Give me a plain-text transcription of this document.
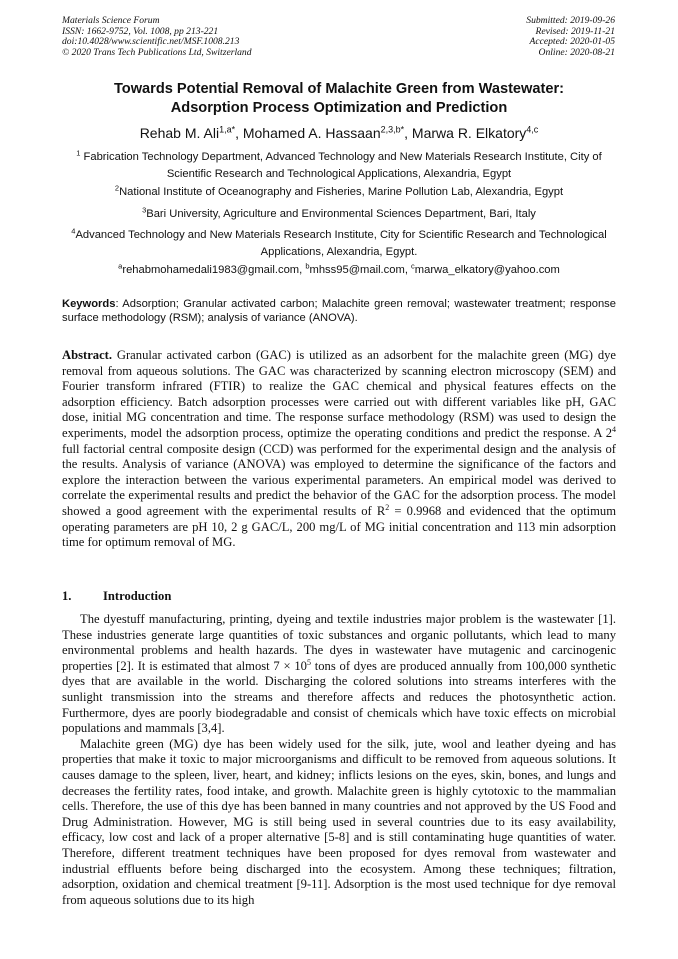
Materials Science Forum
ISSN: 1662-9752, Vol. 1008, pp 213-221
doi:10.4028/www.scientific.net/MSF.1008.213
© 2020 Trans Tech Publications Ltd, Switzerland
Submitted: 2019-09-26
Revised: 2019-11-21
Accepted: 2020-01-05
Online: 2020-08-21
Towards Potential Removal of Malachite Green from Wastewater:
Adsorption Process Optimization and Prediction
Rehab M. Ali$^{1,a*}$, Mohamed A. Hassaan$^{2,3,b*}$, Marwa R. Elkatory$^{4,c}$
$^1$ Fabrication Technology Department, Advanced Technology and New Materials Research Institute, City of Scientific Research and Technological Applications, Alexandria, Egypt
$^2$National Institute of Oceanography and Fisheries, Marine Pollution Lab, Alexandria, Egypt
$^3$Bari University, Agriculture and Environmental Sciences Department, Bari, Italy
$^4$Advanced Technology and New Materials Research Institute, City for Scientific Research and Technological Applications, Alexandria, Egypt.
$^a$rehabmohamedali1983@gmail.com, $^b$mhss95@mail.com, $^c$marwa_elkatory@yahoo.com
Keywords: Adsorption; Granular activated carbon; Malachite green removal; wastewater treatment; response surface methodology (RSM); analysis of variance (ANOVA).

Abstract. Granular activated carbon (GAC) is utilized as an adsorbent for the malachite green (MG) dye removal from aqueous solutions. The GAC was characterized by scanning electron microscopy (SEM) and Fourier transform infrared (FTIR) to realize the GAC chemical and physical features effects on the adsorption efficiency. Batch adsorption processes were carried out with different variables like pH, GAC dose, initial MG concentration and time. The response surface methodology (RSM) was used to design the experiments, model the adsorption process, optimize the operating conditions and predict the response. A $2^4$ full factorial central composite design (CCD) was performed for the experimental design and the analysis of the results. Analysis of variance (ANOVA) was employed to determine the significance of the factors and explore the interaction between the various experimental parameters. An empirical model was derived to correlate the experimental results and predict the behavior of the GAC for the adsorption process. The model showed a good agreement with the experimental results of $R^2 = 0.9968$ and evidenced that the optimum operating parameters are pH 10, 2 g GAC/L, 200 mg/L of MG initial concentration and 113 min adsorption time for optimum removal of MG.

1.	Introduction

The dyestuff manufacturing, printing, dyeing and textile industries major problem is the wastewater [1]. These industries generate large quantities of toxic substances and organic pollutants, which lead to many environmental problems and health hazards. The dyes in wastewater have mutagenic and carcinogenic properties [2]. It is estimated that almost $7 \times 10^5$ tons of dyes are produced annually from 100,000 synthetic dyes that are available in the world. Discharging the colored solutions into streams interferes with the sunlight transmission into the streams and therefore affects and reduces the photosynthetic action. Furthermore, dyes are poorly biodegradable and consist of chemicals which have toxic effects on microbial populations and mammals [3,4].

Malachite green (MG) dye has been widely used for the silk, jute, wool and leather dyeing and has properties that make it toxic to major microorganisms and difficult to be removed from aqueous solutions. It causes damage to the spleen, liver, heart, and kidney; inflicts lesions on the eyes, skin, bones, and lungs and decreases the fertility rates, food intake, and growth. Malachite green is highly cytotoxic to the mammalian cells. Therefore, the use of this dye has been banned in many countries and not approved by the US Food and Drug Administration. However, MG is still being used in several countries due to its easy availability, efficacy, low cost and lack of a proper alternative [5-8] and is still contaminating huge quantities of water. Therefore, different treatment techniques have been proposed for dyes removal from wastewater and industrial effluents before being discharged into the ecosystem. Among these techniques; filtration, adsorption, oxidation and chemical treatment [9-11]. Adsorption is the most used technique for dye removal from aqueous solutions due to its high
